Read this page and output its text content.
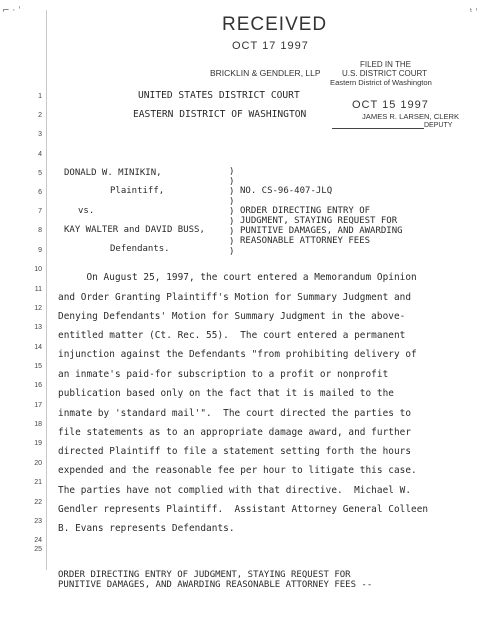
⌐ · ˈ	ᵗ ˈ
RECEIVED
OCT 17 1997
BRICKLIN & GENDLER, LLP
FILED IN THE
U.S. DISTRICT COURT
Eastern District of Washington
OCT 15 1997
JAMES R. LARSEN, CLERK
DEPUTY
1
2
3
4
5
6
7
8
9
10
11
12
13
14
15
16
17
18
19
20
21
22
23
24
25
UNITED STATES DISTRICT COURT
EASTERN DISTRICT OF WASHINGTON
DONALD W. MINIKIN,
Plaintiff,
vs.
KAY WALTER and DAVID BUSS,
Defendants.
)
)
)
)
)
)
)
)
)
NO. CS-96-407-JLQ
ORDER DIRECTING ENTRY OF
JUDGMENT, STAYING REQUEST FOR
PUNITIVE DAMAGES, AND AWARDING
REASONABLE ATTORNEY FEES
On August 25, 1997, the court entered a Memorandum Opinion
and Order Granting Plaintiff's Motion for Summary Judgment and
Denying Defendants' Motion for Summary Judgment in the above-
entitled matter (Ct. Rec. 55).  The court entered a permanent
injunction against the Defendants "from prohibiting delivery of
an inmate's paid-for subscription to a profit or nonprofit
publication based only on the fact that it is mailed to the
inmate by 'standard mail'".  The court directed the parties to
file statements as to an appropriate damage award, and further
directed Plaintiff to file a statement setting forth the hours
expended and the reasonable fee per hour to litigate this case.
The parties have not complied with that directive.  Michael W.
Gendler represents Plaintiff.  Assistant Attorney General Colleen
B. Evans represents Defendants.
ORDER DIRECTING ENTRY OF JUDGMENT, STAYING REQUEST FOR
PUNITIVE DAMAGES, AND AWARDING REASONABLE ATTORNEY FEES --
